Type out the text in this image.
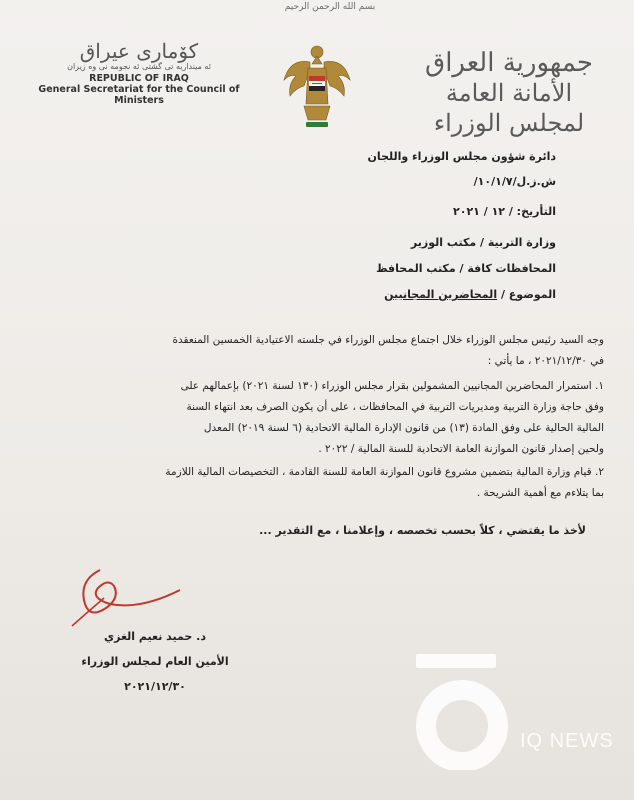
بسم الله الرحمن الرحيم
كۆماری عیراق
ئه مینداریه تی گشتی ئه نجومه نی وه زیران
REPUBLIC OF IRAQ
General Secretariat for the Council of Ministers
جمهورية العراق
الأمانة العامة لمجلس الوزراء
دائرة شؤون مجلس الوزراء واللجان
ش.ز.ل/١٠/١/٧/
التأريخ: / ١٢ / ٢٠٢١
وزارة التربية / مكتب الوزير
المحافظات كافة / مكتب المحافظ
الموضوع / المحاضرين المجانيين
وجه السيد رئيس مجلس الوزراء خلال اجتماع مجلس الوزراء في جلسته الاعتيادية الخمسين المنعقدة
في ٢٠٢١/١٢/٣٠ ، ما يأتي :
١. استمرار المحاضرين المجانيين المشمولين بقرار مجلس الوزراء (١٣٠ لسنة ٢٠٢١) بإعمالهم على
وفق حاجة وزارة التربية ومديريات التربية في المحافظات ، على أن يكون الصرف بعد انتهاء السنة
المالية الحالية على وفق المادة (١٣) من قانون الإدارة المالية الاتحادية (٦ لسنة ٢٠١٩) المعدل
ولحين إصدار قانون الموازنة العامة الاتحادية للسنة المالية / ٢٠٢٢ .
٢. قيام وزارة المالية بتضمين مشروع قانون الموازنة العامة للسنة القادمة ، التخصيصات المالية اللازمة
بما يتلاءم مع أهمية الشريحة .
لأخذ ما يقتضي ، كلاً بحسب تخصصه ، وإعلامنا ، مع التقدير ...
د. حميد نعيم الغزي
الأمين العام لمجلس الوزراء
٢٠٢١/١٢/٣٠
IQ NEWS
